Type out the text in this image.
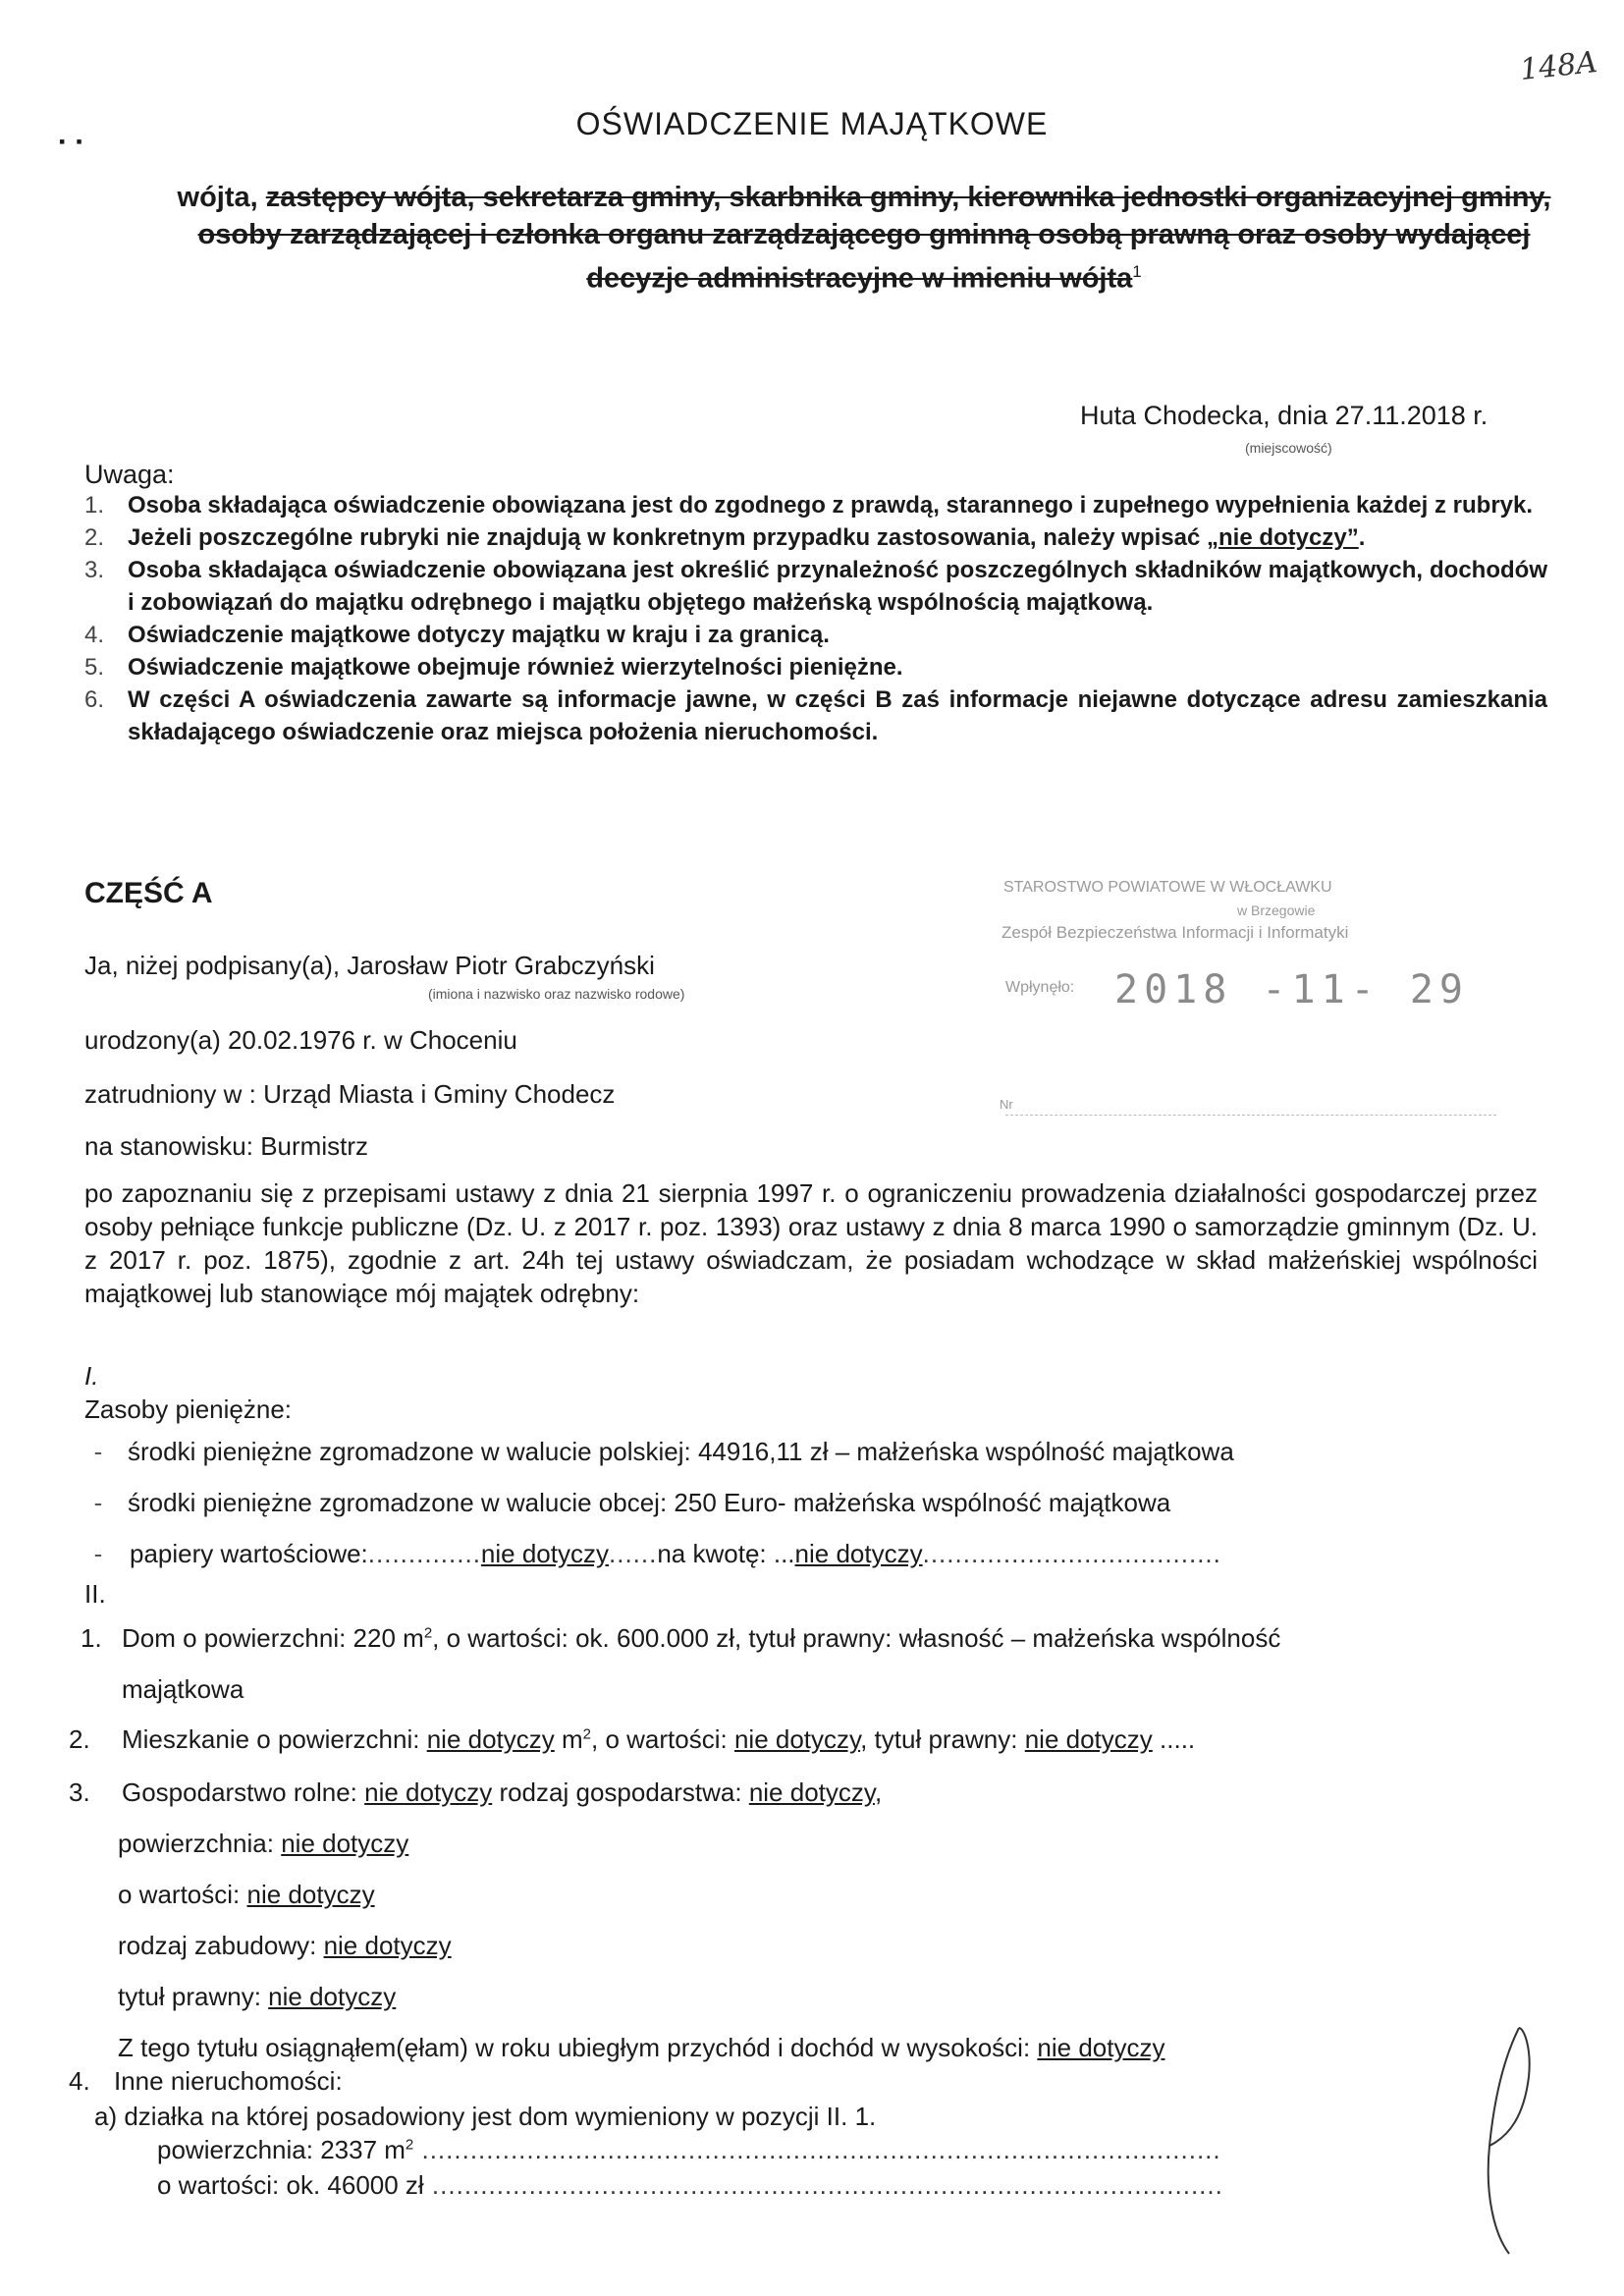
148A
▪ ▪	OŚWIADCZENIE MAJĄTKOWE
wójta, zastępcy wójta, sekretarza gminy, skarbnika gminy, kierownika jednostki organizacyjnej gminy, osoby zarządzającej i członka organu zarządzającego gminną osobą prawną oraz osoby wydającej decyzje administracyjne w imieniu wójta$^1$
Huta Chodecka, dnia 27.11.2018 r.
(miejscowość)
Uwaga:
1. Osoba składająca oświadczenie obowiązana jest do zgodnego z prawdą, starannego i zupełnego wypełnienia każdej z rubryk.
2. Jeżeli poszczególne rubryki nie znajdują w konkretnym przypadku zastosowania, należy wpisać „nie dotyczy”.
3. Osoba składająca oświadczenie obowiązana jest określić przynależność poszczególnych składników majątkowych, dochodów i zobowiązań do majątku odrębnego i majątku objętego małżeńską wspólnością majątkową.
4. Oświadczenie majątkowe dotyczy majątku w kraju i za granicą.
5. Oświadczenie majątkowe obejmuje również wierzytelności pieniężne.
6. W części A oświadczenia zawarte są informacje jawne, w części B zaś informacje niejawne dotyczące adresu zamieszkania składającego oświadczenie oraz miejsca położenia nieruchomości.
CZĘŚĆ A	STAROSTWO POWIATOWE W WŁOCŁAWKU
w Brzegowie
Zespół Bezpieczeństwa Informacji i Informatyki
Wpłynęło: 2018 -11- 29
Nr
Ja, niżej podpisany(a), Jarosław Piotr Grabczyński
(imiona i nazwisko oraz nazwisko rodowe)
urodzony(a) 20.02.1976 r. w Choceniu
zatrudniony w : Urząd Miasta i Gminy Chodecz
na stanowisku: Burmistrz
po zapoznaniu się z przepisami ustawy z dnia 21 sierpnia 1997 r. o ograniczeniu prowadzenia działalności gospodarczej przez osoby pełniące funkcje publiczne (Dz. U. z 2017 r. poz. 1393) oraz ustawy z dnia 8 marca 1990 o samorządzie gminnym (Dz. U. z 2017 r. poz. 1875), zgodnie z art. 24h tej ustawy oświadczam, że posiadam wchodzące w skład małżeńskiej wspólności majątkowej lub stanowiące mój majątek odrębny:
I.
Zasoby pieniężne:
- środki pieniężne zgromadzone w walucie polskiej: 44916,11 zł – małżeńska wspólność majątkowa
- środki pieniężne zgromadzone w walucie obcej: 250 Euro- małżeńska wspólność majątkowa
-	papiery wartościowe: .............. nie dotyczy ...... na kwotę: ... nie dotyczy .....................................
II.
1. Dom o powierzchni: 220 $m^2$, o wartości: ok. 600.000 zł, tytuł prawny: własność – małżeńska wspólność
majątkowa
2. Mieszkanie o powierzchni: nie dotyczy $m^2$, o wartości: nie dotyczy, tytuł prawny: nie dotyczy .....
3. Gospodarstwo rolne: nie dotyczy rodzaj gospodarstwa: nie dotyczy,
powierzchnia: nie dotyczy
o wartości: nie dotyczy
rodzaj zabudowy: nie dotyczy
tytuł prawny: nie dotyczy
Z tego tytułu osiągnąłem(ęłam) w roku ubiegłym przychód i dochód w wysokości: nie dotyczy
4. Inne nieruchomości:
a) działka na której posadowiony jest dom wymieniony w pozycji II. 1.
powierzchnia: 2337 $m^2$ ...................................................................................................
o wartości: ok. 46000 zł ..................................................................................................
